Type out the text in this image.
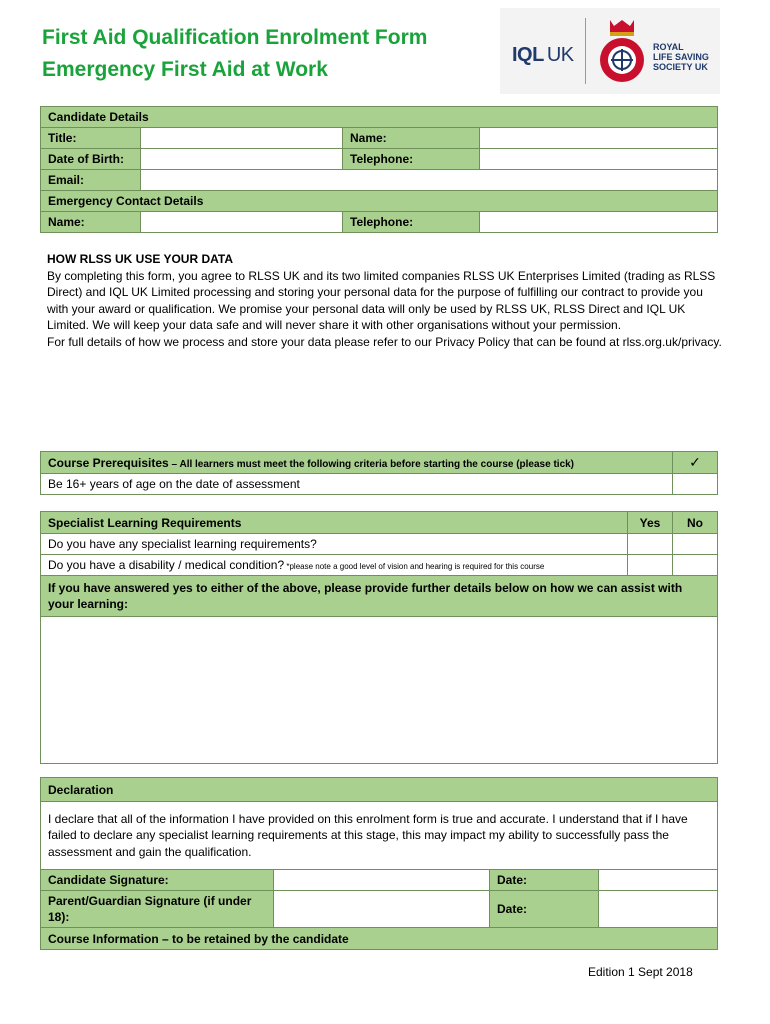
First Aid Qualification Enrolment Form
Emergency First Aid at Work
IQL UK	ROYAL
LIFE SAVING
SOCIETY UK
Candidate Details			
Title:		Name:	
Date of Birth:		Telephone:	
Email:			
Emergency Contact Details			
Name:		Telephone:	

HOW RLSS UK USE YOUR DATA

By completing this form, you agree to RLSS UK and its two limited companies RLSS UK Enterprises Limited (trading as RLSS Direct) and IQL UK Limited processing and storing your personal data for the purpose of fulfilling our contract to provide you with your award or qualification. We promise your personal data will only be used by RLSS UK, RLSS Direct and IQL UK Limited. We will keep your data safe and will never share it with other organisations without your permission.

For full details of how we process and store your data please refer to our Privacy Policy that can be found at rlss.org.uk/privacy.

Course Prerequisites – All learners must meet the following criteria before starting the course (please tick)	✓
Be 16+ years of age on the date of assessment	
Specialist Learning Requirements	Yes	No
Do you have any specialist learning requirements?		
Do you have a disability / medical condition? *please note a good level of vision and hearing is required for this course		
If you have answered yes to either of the above, please provide further details below on how we can assist with your learning:		

Declaration			
I declare that all of the information I have provided on this enrolment form is true and accurate. I understand that if I have failed to declare any specialist learning requirements at this stage, this may impact my ability to successfully pass the assessment and gain the qualification.			
Candidate Signature:		Date:	
Parent/Guardian Signature (if under 18):		Date:	
Course Information – to be retained by the candidate			
Edition 1 Sept 2018
